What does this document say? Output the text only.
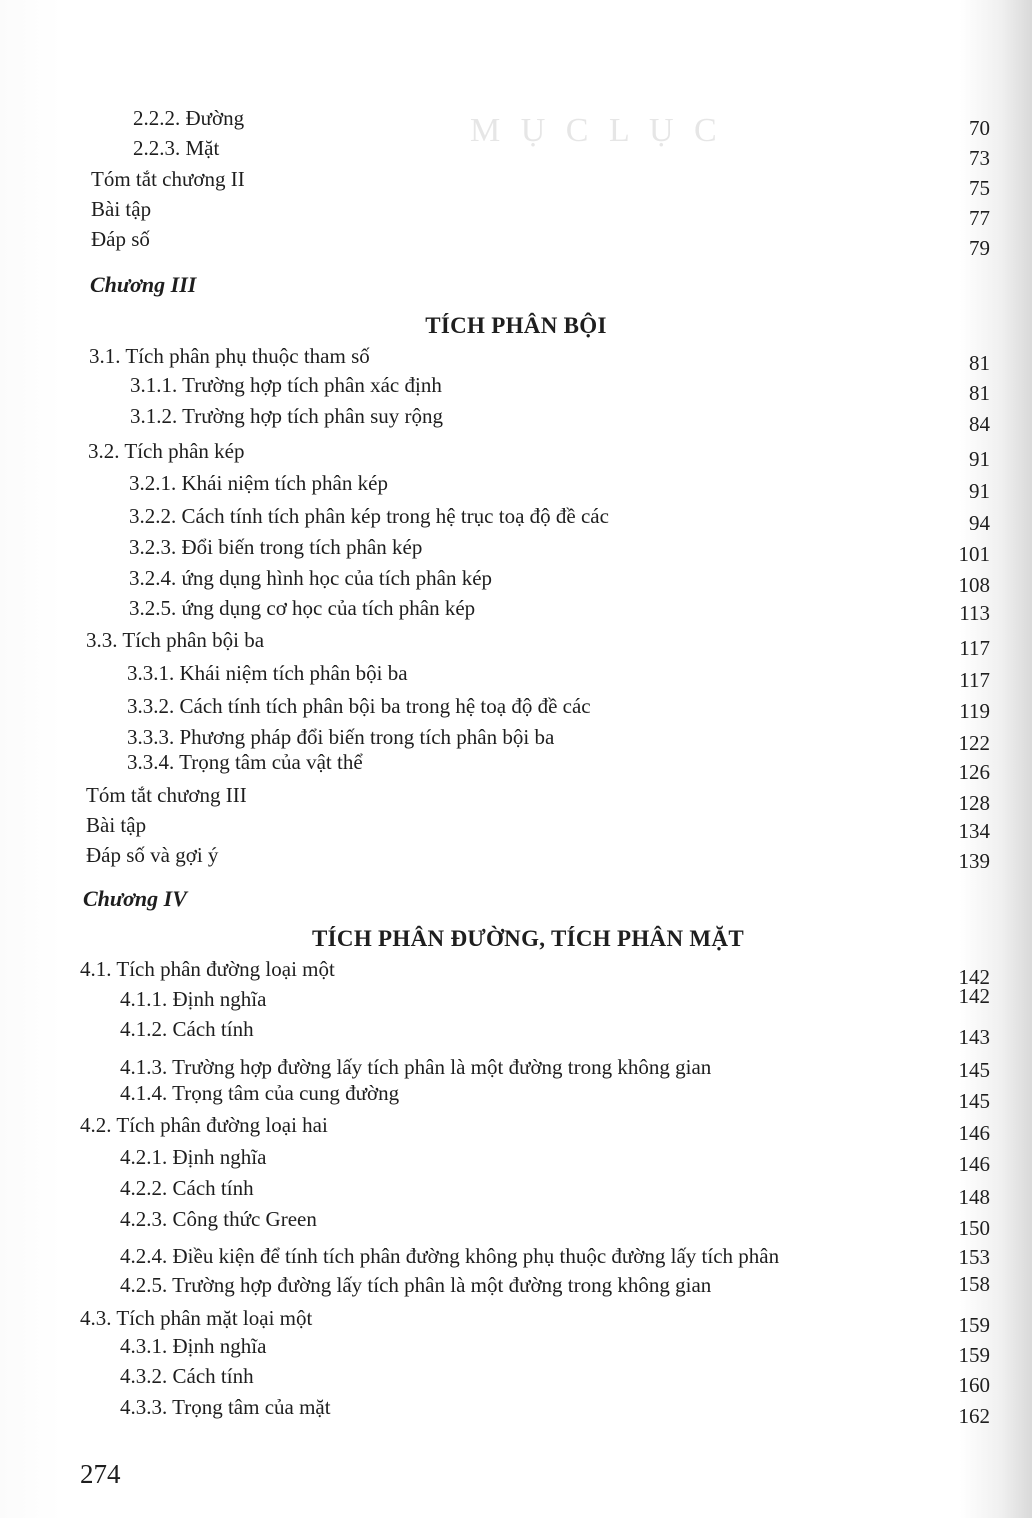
M Ụ C L Ụ C
2.2.2. Đường	70
2.2.3. Mặt	73
Tóm tắt chương II	75
Bài tập	77
Đáp số	79
Chương III
TÍCH PHÂN BỘI
3.1. Tích phân phụ thuộc tham số	81
3.1.1. Trường hợp tích phân xác định	81
3.1.2. Trường hợp tích phân suy rộng	84
3.2. Tích phân kép	91
3.2.1. Khái niệm tích phân kép	91
3.2.2. Cách tính tích phân kép trong hệ trục toạ độ đề các	94
3.2.3. Đổi biến trong tích phân kép	101
3.2.4. ứng dụng hình học của tích phân kép	108
3.2.5. ứng dụng cơ học của tích phân kép	113
3.3. Tích phân bội ba	117
3.3.1. Khái niệm tích phân bội ba	117
3.3.2. Cách tính tích phân bội ba trong hệ toạ độ đề các	119
3.3.3. Phương pháp đổi biến trong tích phân bội ba	122
3.3.4. Trọng tâm của vật thể	126
Tóm tắt chương III	128
Bài tập	134
Đáp số và gợi ý	139
Chương IV
TÍCH PHÂN ĐƯỜNG, TÍCH PHÂN MẶT
4.1. Tích phân đường loại một	142
4.1.1. Định nghĩa	142
4.1.2. Cách tính	143
4.1.3. Trường hợp đường lấy tích phân là một đường trong không gian	145
4.1.4. Trọng tâm của cung đường	145
4.2. Tích phân đường loại hai	146
4.2.1. Định nghĩa	146
4.2.2. Cách tính	148
4.2.3. Công thức Green	150
4.2.4. Điều kiện để tính tích phân đường không phụ thuộc đường lấy tích phân	153
4.2.5. Trường hợp đường lấy tích phân là một đường trong không gian	158
4.3. Tích phân mặt loại một	159
4.3.1. Định nghĩa	159
4.3.2. Cách tính	160
4.3.3. Trọng tâm của mặt	162
274
